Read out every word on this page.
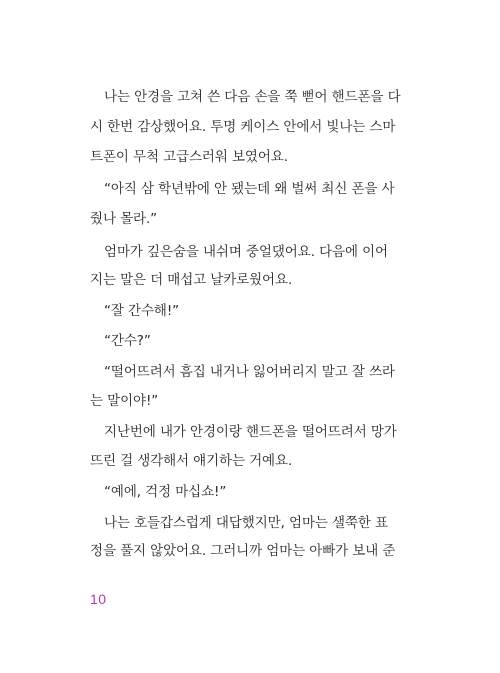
나는 안경을 고쳐 쓴 다음 손을 쭉 뻗어 핸드폰을 다
시 한번 감상했어요. 투명 케이스 안에서 빛나는 스마
트폰이 무척 고급스러워 보였어요.
“아직 삼 학년밖에 안 됐는데 왜 벌써 최신 폰을 사
줬나 몰라.”
엄마가 깊은숨을 내쉬며 중얼댔어요. 다음에 이어
지는 말은 더 매섭고 날카로웠어요.
“잘 간수해!”
“간수?”
“떨어뜨려서 흠집 내거나 잃어버리지 말고 잘 쓰라
는 말이야!”
지난번에 내가 안경이랑 핸드폰을 떨어뜨려서 망가
뜨린 걸 생각해서 얘기하는 거예요.
“예에, 걱정 마십쇼!”
나는 호들갑스럽게 대답했지만, 엄마는 샐쭉한 표
정을 풀지 않았어요. 그러니까 엄마는 아빠가 보내 준
10
